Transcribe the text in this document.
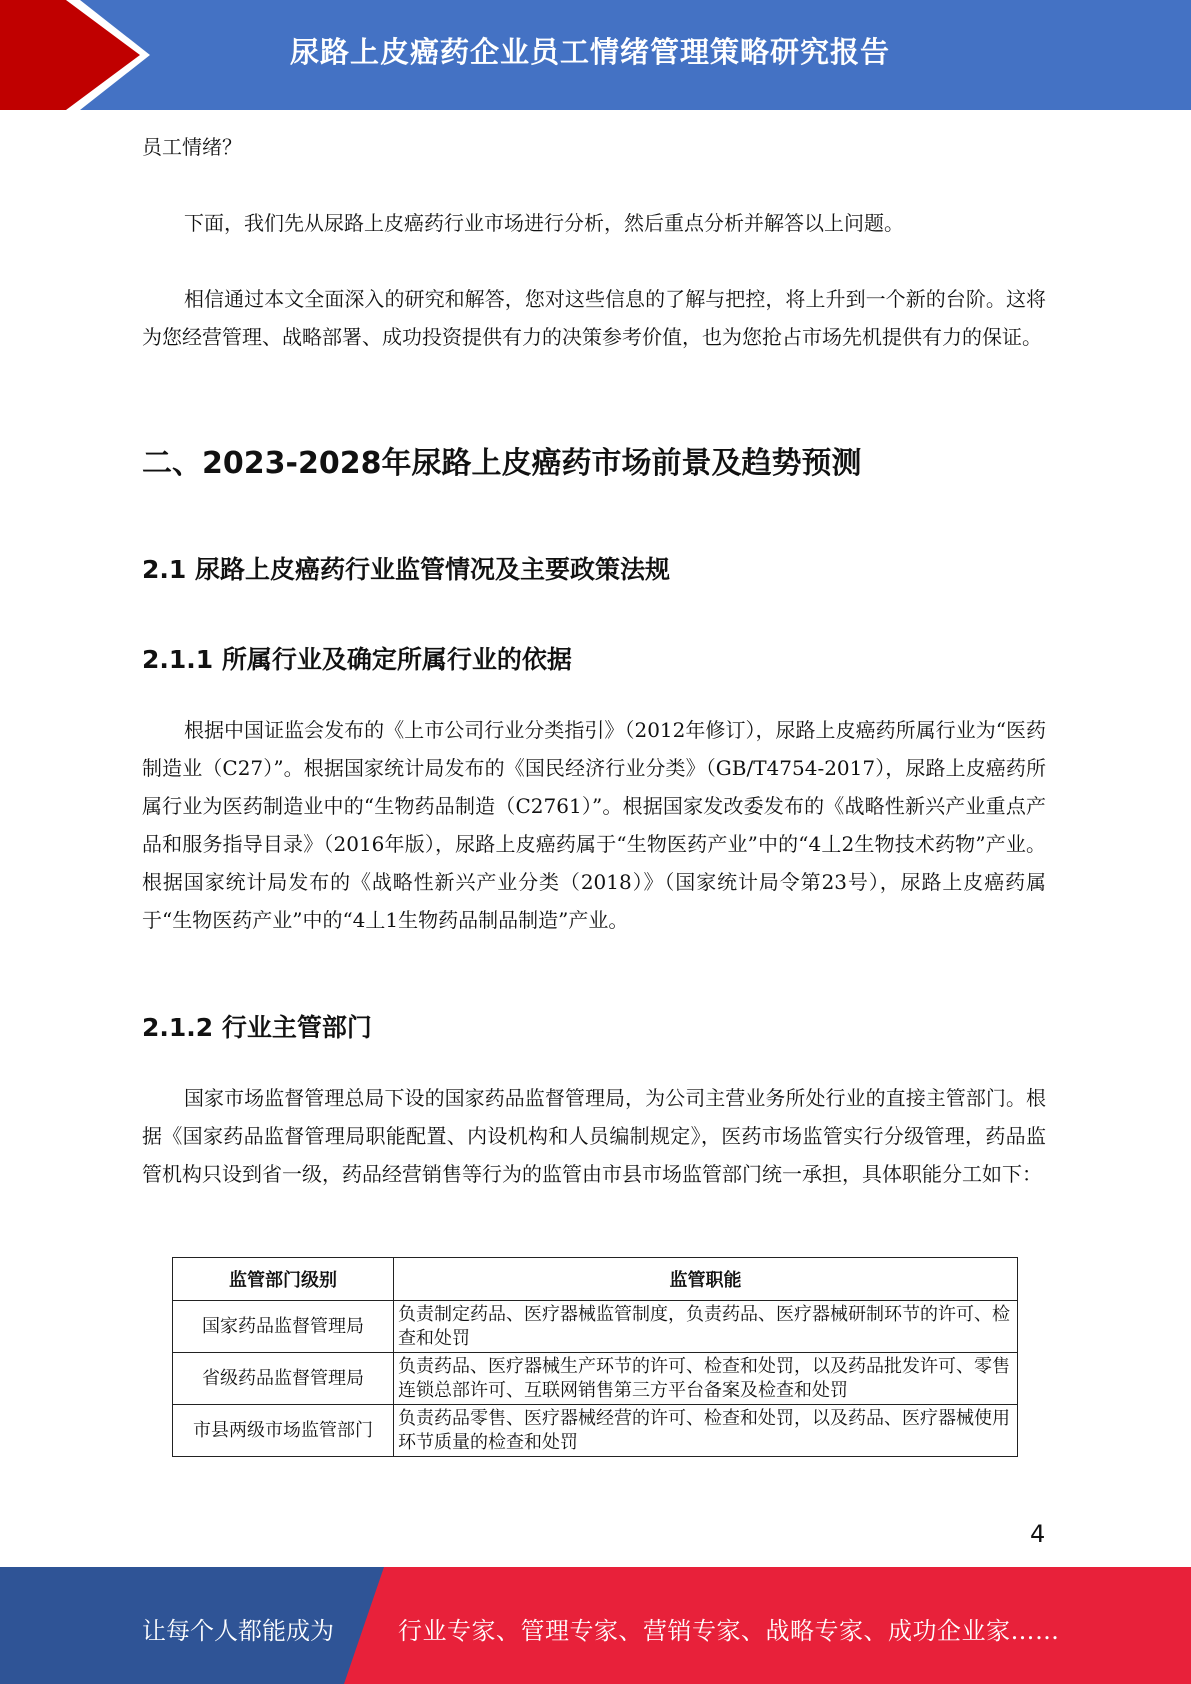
尿路上皮癌药企业员工情绪管理策略研究报告

员工情绪？

下面，我们先从尿路上皮癌药行业市场进行分析，然后重点分析并解答以上问题。

相信通过本文全面深入的研究和解答，您对这些信息的了解与把控，将上升到一个新的台阶。这将为您经营管理、战略部署、成功投资提供有力的决策参考价值，也为您抢占市场先机提供有力的保证。

二、2023-2028年尿路上皮癌药市场前景及趋势预测
2.1 尿路上皮癌药行业监管情况及主要政策法规
2.1.1 所属行业及确定所属行业的依据

根据中国证监会发布的《上市公司行业分类指引》（2012年修订），尿路上皮癌药所属行业为“医药制造业（C27）”。根据国家统计局发布的《国民经济行业分类》（GB/T4754-2017），尿路上皮癌药所属行业为医药制造业中的“生物药品制造（C2761）”。根据国家发改委发布的《战略性新兴产业重点产品和服务指导目录》（2016年版），尿路上皮癌药属于“生物医药产业”中的“4丄2生物技术药物”产业。根据国家统计局发布的《战略性新兴产业分类（2018）》（国家统计局令第23号），尿路上皮癌药属于“生物医药产业”中的“4丄1生物药品制品制造”产业。

2.1.2 行业主管部门

国家市场监督管理总局下设的国家药品监督管理局，为公司主营业务所处行业的直接主管部门。根据《国家药品监督管理局职能配置、内设机构和人员编制规定》，医药市场监管实行分级管理，药品监管机构只设到省一级，药品经营销售等行为的监管由市县市场监管部门统一承担，具体职能分工如下：

监管部门级别	监管职能
国家药品监督管理局	负责制定药品、医疗器械监管制度，负责药品、医疗器械研制环节的许可、检查和处罚
省级药品监督管理局	负责药品、医疗器械生产环节的许可、检查和处罚，以及药品批发许可、零售连锁总部许可、互联网销售第三方平台备案及检查和处罚
市县两级市场监管部门	负责药品零售、医疗器械经营的许可、检查和处罚，以及药品、医疗器械使用环节质量的检查和处罚
4
让每个人都能成为	行业专家、管理专家、营销专家、战略专家、成功企业家……
